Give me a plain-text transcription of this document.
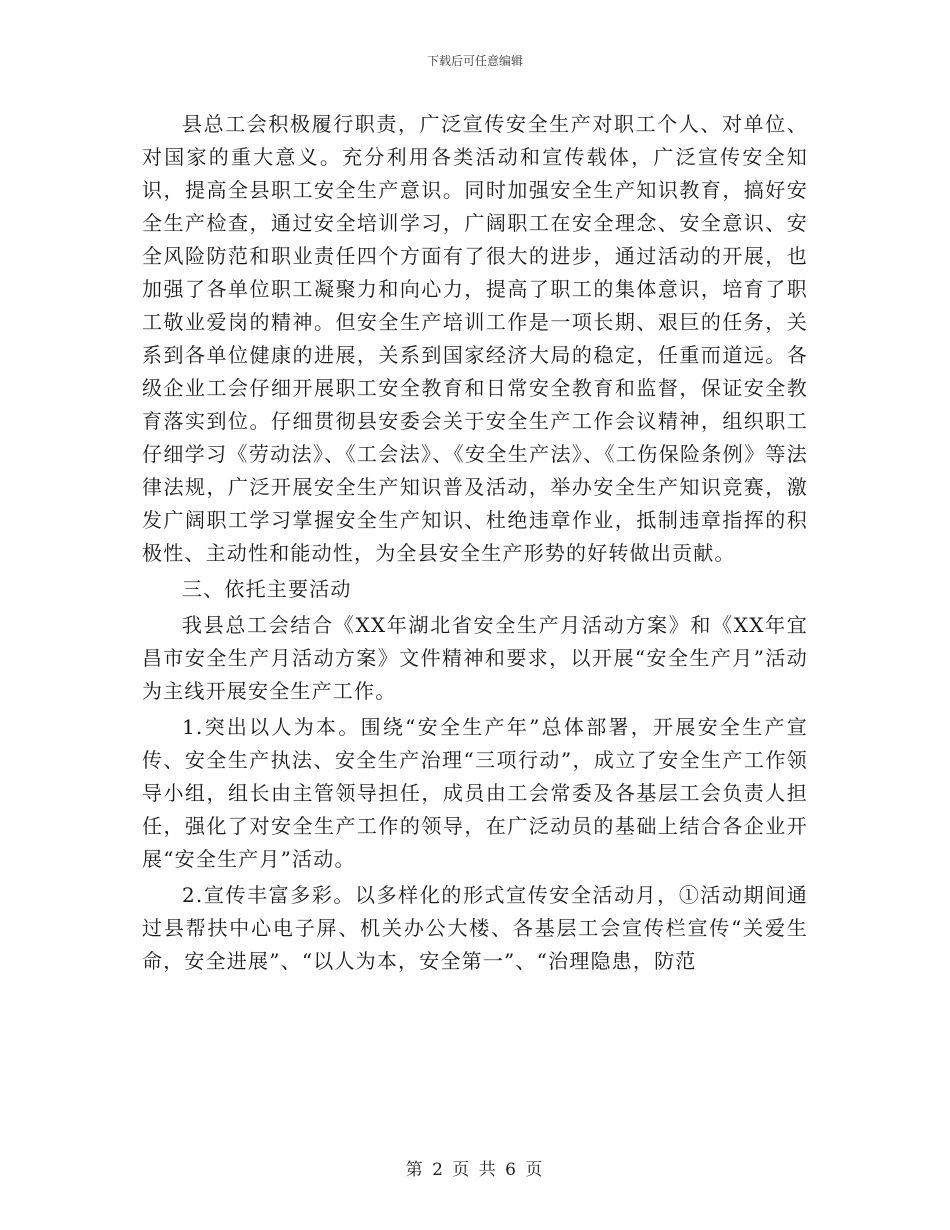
下载后可任意编辑

县总工会积极履行职责，广泛宣传安全生产对职工个人、对单位、对国家的重大意义。充分利用各类活动和宣传载体，广泛宣传安全知识，提高全县职工安全生产意识。同时加强安全生产知识教育，搞好安全生产检查，通过安全培训学习，广阔职工在安全理念、安全意识、安全风险防范和职业责任四个方面有了很大的进步，通过活动的开展，也加强了各单位职工凝聚力和向心力，提高了职工的集体意识，培育了职工敬业爱岗的精神。但安全生产培训工作是一项长期、艰巨的任务，关系到各单位健康的进展，关系到国家经济大局的稳定，任重而道远。各级企业工会仔细开展职工安全教育和日常安全教育和监督，保证安全教育落实到位。仔细贯彻县安委会关于安全生产工作会议精神，组织职工仔细学习《劳动法》、《工会法》、《安全生产法》、《工伤保险条例》等法律法规，广泛开展安全生产知识普及活动，举办安全生产知识竞赛，激发广阔职工学习掌握安全生产知识、杜绝违章作业，抵制违章指挥的积极性、主动性和能动性，为全县安全生产形势的好转做出贡献。

三、依托主要活动

我县总工会结合《XX年湖北省安全生产月活动方案》和《XX年宜昌市安全生产月活动方案》文件精神和要求，以开展“安全生产月”活动为主线开展安全生产工作。

1.突出以人为本。围绕“安全生产年”总体部署，开展安全生产宣传、安全生产执法、安全生产治理“三项行动”，成立了安全生产工作领导小组，组长由主管领导担任，成员由工会常委及各基层工会负责人担任，强化了对安全生产工作的领导，在广泛动员的基础上结合各企业开展“安全生产月”活动。

2.宣传丰富多彩。以多样化的形式宣传安全活动月，①活动期间通过县帮扶中心电子屏、机关办公大楼、各基层工会宣传栏宣传“关爱生命，安全进展”、“以人为本，安全第一”、“治理隐患，防范

第 2 页 共 6 页
